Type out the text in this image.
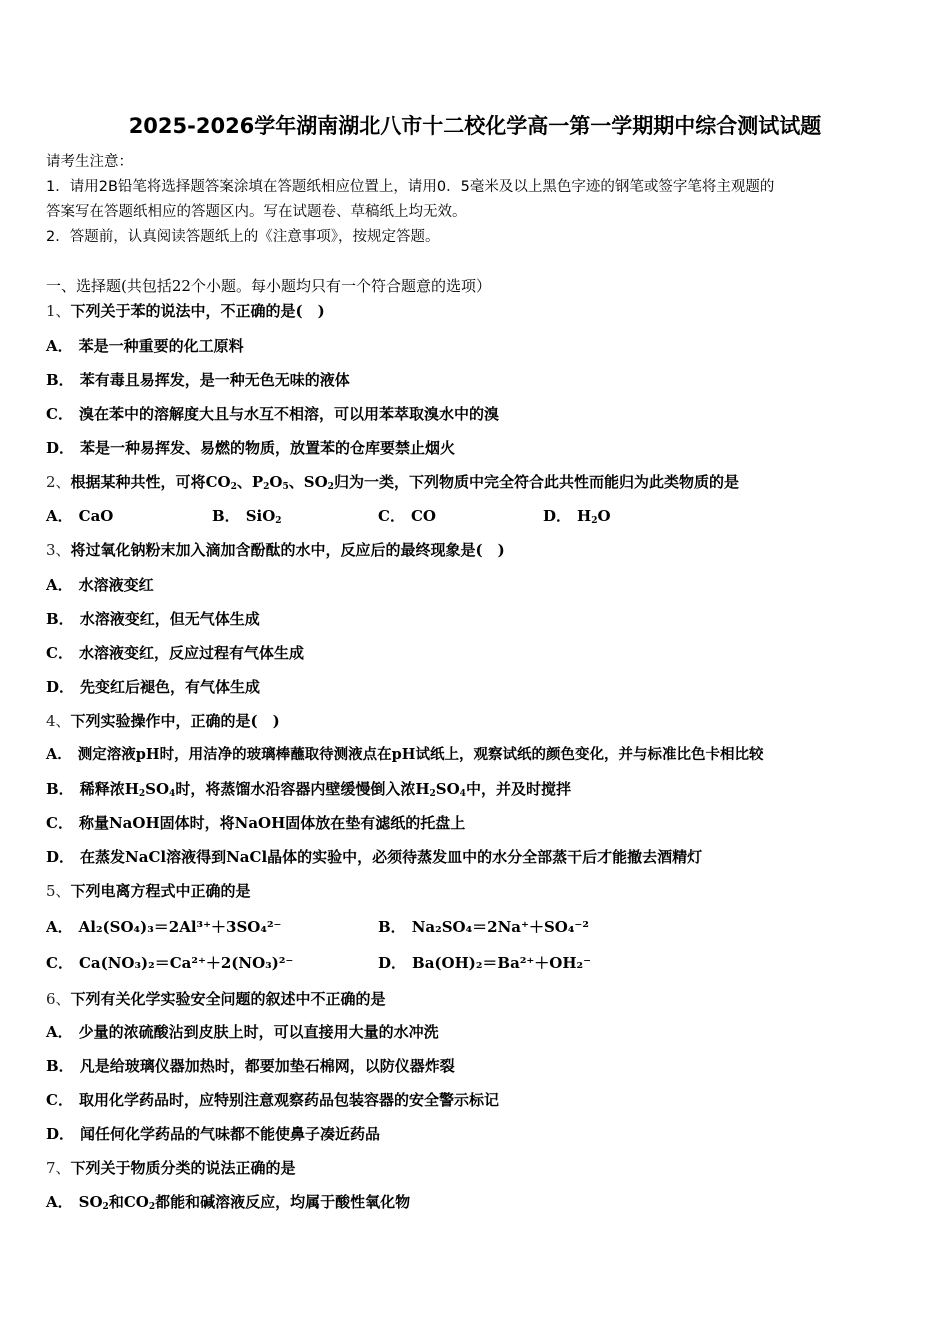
2025-2026学年湖南湖北八市十二校化学高一第一学期期中综合测试试题
请考生注意：
1．请用2B铅笔将选择题答案涂填在答题纸相应位置上，请用0．5毫米及以上黑色字迹的钢笔或签字笔将主观题的
答案写在答题纸相应的答题区内。写在试题卷、草稿纸上均无效。
2．答题前，认真阅读答题纸上的《注意事项》，按规定答题。
一、选择题(共包括22个小题。每小题均只有一个符合题意的选项）
1、下列关于苯的说法中，不正确的是(　)
A． 苯是一种重要的化工原料
B． 苯有毒且易挥发，是一种无色无味的液体
C． 溴在苯中的溶解度大且与水互不相溶，可以用苯萃取溴水中的溴
D． 苯是一种易挥发、易燃的物质，放置苯的仓库要禁止烟火
2、根据某种共性，可将$CO_2$、$P_2O_5$、$SO_2$归为一类，下列物质中完全符合此共性而能归为此类物质的是
A． CaO	B． SiO$_2$	C． CO	D． $H_2O$
3、将过氧化钠粉末加入滴加含酚酞的水中，反应后的最终现象是(　)
A． 水溶液变红
B． 水溶液变红，但无气体生成
C． 水溶液变红，反应过程有气体生成
D． 先变红后褪色，有气体生成
4、下列实验操作中，正确的是(　)
A． 测定溶液pH时，用洁净的玻璃棒蘸取待测液点在pH试纸上，观察试纸的颜色变化，并与标准比色卡相比较
B． 稀释浓$H_2SO_4$时，将蒸馏水沿容器内壁缓慢倒入浓$H_2SO_4$中，并及时搅拌
C． 称量NaOH固体时，将NaOH固体放在垫有滤纸的托盘上
D． 在蒸发NaCl溶液得到NaCl晶体的实验中，必须待蒸发皿中的水分全部蒸干后才能撤去酒精灯
5、下列电离方程式中正确的是
A． Al₂(SO₄)₃＝2Al³⁺＋3SO₄²⁻	B． Na₂SO₄＝2Na⁺＋SO₄⁻²
C． Ca(NO₃)₂＝Ca²⁺＋2(NO₃)²⁻	D． Ba(OH)₂＝Ba²⁺＋OH₂⁻
6、下列有关化学实验安全问题的叙述中不正确的是
A． 少量的浓硫酸沾到皮肤上时，可以直接用大量的水冲洗
B． 凡是给玻璃仪器加热时，都要加垫石棉网，以防仪器炸裂
C． 取用化学药品时，应特别注意观察药品包装容器的安全警示标记
D． 闻任何化学药品的气味都不能使鼻子凑近药品
7、下列关于物质分类的说法正确的是
A． $SO_2$和$CO_2$都能和碱溶液反应，均属于酸性氧化物
